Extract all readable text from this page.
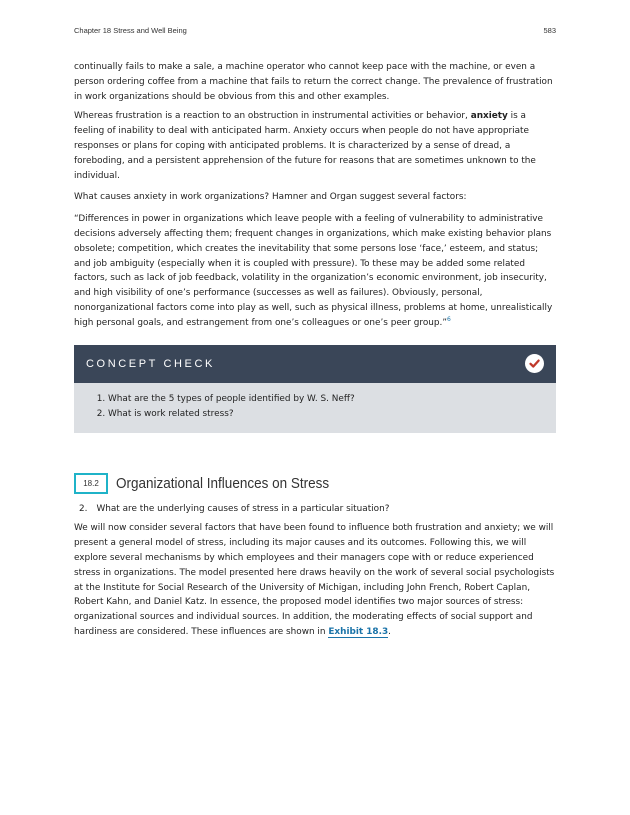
Chapter 18 Stress and Well Being	583

continually fails to make a sale, a machine operator who cannot keep pace with the machine, or even a person ordering coffee from a machine that fails to return the correct change. The prevalence of frustration in work organizations should be obvious from this and other examples.

Whereas frustration is a reaction to an obstruction in instrumental activities or behavior, anxiety is a feeling of inability to deal with anticipated harm. Anxiety occurs when people do not have appropriate responses or plans for coping with anticipated problems. It is characterized by a sense of dread, a foreboding, and a persistent apprehension of the future for reasons that are sometimes unknown to the individual.

What causes anxiety in work organizations? Hamner and Organ suggest several factors:

“Differences in power in organizations which leave people with a feeling of vulnerability to administrative decisions adversely affecting them; frequent changes in organizations, which make existing behavior plans obsolete; competition, which creates the inevitability that some persons lose ‘face,’ esteem, and status; and job ambiguity (especially when it is coupled with pressure). To these may be added some related factors, such as lack of job feedback, volatility in the organization’s economic environment, job insecurity, and high visibility of one’s performance (successes as well as failures). Obviously, personal, nonorganizational factors come into play as well, such as physical illness, problems at home, unrealistically high personal goals, and estrangement from one’s colleagues or one’s peer group.”$^6$

CONCEPT CHECK
1. What are the 5 types of people identified by W. S. Neff?
2. What is work related stress?
18.2	Organizational Influences on Stress
2. What are the underlying causes of stress in a particular situation?

We will now consider several factors that have been found to influence both frustration and anxiety; we will present a general model of stress, including its major causes and its outcomes. Following this, we will explore several mechanisms by which employees and their managers cope with or reduce experienced stress in organizations. The model presented here draws heavily on the work of several social psychologists at the Institute for Social Research of the University of Michigan, including John French, Robert Caplan, Robert Kahn, and Daniel Katz. In essence, the proposed model identifies two major sources of stress: organizational sources and individual sources. In addition, the moderating effects of social support and hardiness are considered. These influences are shown in Exhibit 18.3.
